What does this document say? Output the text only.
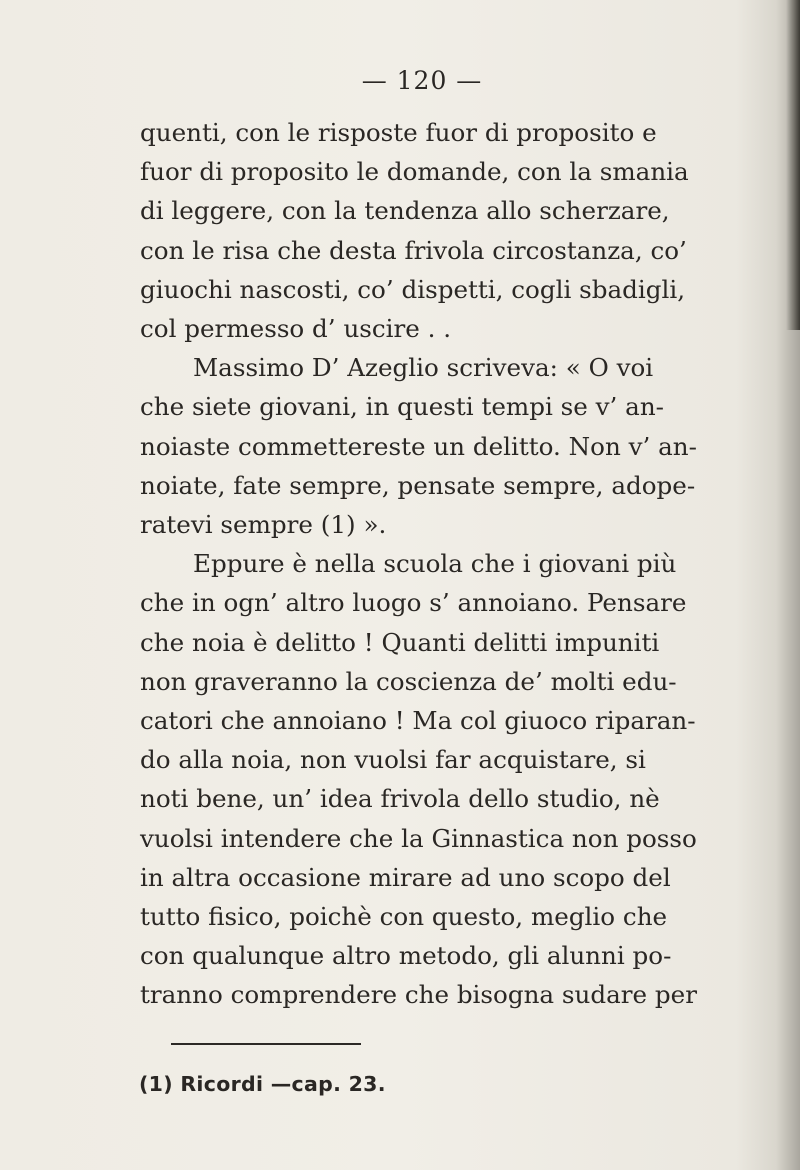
— 120 —
quenti, con le risposte fuor di proposito e
fuor di proposito le domande, con la smania
di leggere, con la tendenza allo scherzare,
con le risa che desta frivola circostanza, co’
giuochi nascosti, co’ dispetti, cogli sbadigli,
col permesso d’ uscire . .
Massimo D’ Azeglio scriveva: « O voi
che siete giovani, in questi tempi se v’ an-
noiaste commettereste un delitto. Non v’ an-
noiate, fate sempre, pensate sempre, adope-
ratevi sempre (1) ».
Eppure è nella scuola che i giovani più
che in ogn’ altro luogo s’ annoiano. Pensare
che noia è delitto ! Quanti delitti impuniti
non graveranno la coscienza de’ molti edu-
catori che annoiano ! Ma col giuoco riparan-
do alla noia, non vuolsi far acquistare, si
noti bene, un’ idea frivola dello studio, nè
vuolsi intendere che la Ginnastica non posso
in altra occasione mirare ad uno scopo del
tutto fisico, poichè con questo, meglio che
con qualunque altro metodo, gli alunni po-
tranno comprendere che bisogna sudare per
(1) Ricordi —cap. 23.
